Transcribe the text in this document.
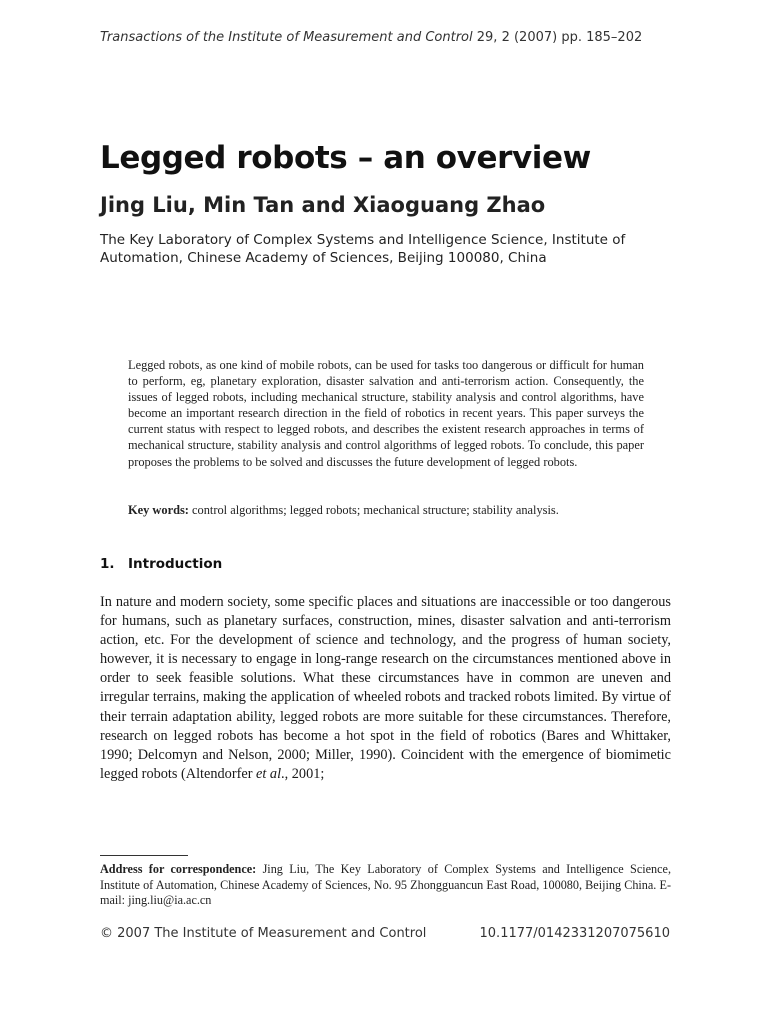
Transactions of the Institute of Measurement and Control 29, 2 (2007) pp. 185–202
Legged robots – an overview
Jing Liu, Min Tan and Xiaoguang Zhao
The Key Laboratory of Complex Systems and Intelligence Science, Institute of Automation, Chinese Academy of Sciences, Beijing 100080, China

Legged robots, as one kind of mobile robots, can be used for tasks too dangerous or difficult for human to perform, eg, planetary exploration, disaster salvation and anti-terrorism action. Consequently, the issues of legged robots, including mechanical structure, stability analysis and control algorithms, have become an important research direction in the field of robotics in recent years. This paper surveys the current status with respect to legged robots, and describes the existent research approaches in terms of mechanical structure, stability analysis and control algorithms of legged robots. To conclude, this paper proposes the problems to be solved and discusses the future development of legged robots.

Key words: control algorithms; legged robots; mechanical structure; stability analysis.
1. Introduction

In nature and modern society, some specific places and situations are inaccessible or too dangerous for humans, such as planetary surfaces, construction, mines, disaster salvation and anti-terrorism action, etc. For the development of science and technology, and the progress of human society, however, it is necessary to engage in long-range research on the circumstances mentioned above in order to seek feasible solutions. What these circumstances have in common are uneven and irregular terrains, making the application of wheeled robots and tracked robots limited. By virtue of their terrain adaptation ability, legged robots are more suitable for these circumstances. Therefore, research on legged robots has become a hot spot in the field of robotics (Bares and Whittaker, 1990; Delcomyn and Nelson, 2000; Miller, 1990). Coincident with the emergence of biomimetic legged robots (Altendorfer et al., 2001;

Address for correspondence: Jing Liu, The Key Laboratory of Complex Systems and Intelligence Science, Institute of Automation, Chinese Academy of Sciences, No. 95 Zhongguancun East Road, 100080, Beijing China. E-mail: jing.liu@ia.ac.cn
© 2007 The Institute of Measurement and Control	10.1177/0142331207075610
